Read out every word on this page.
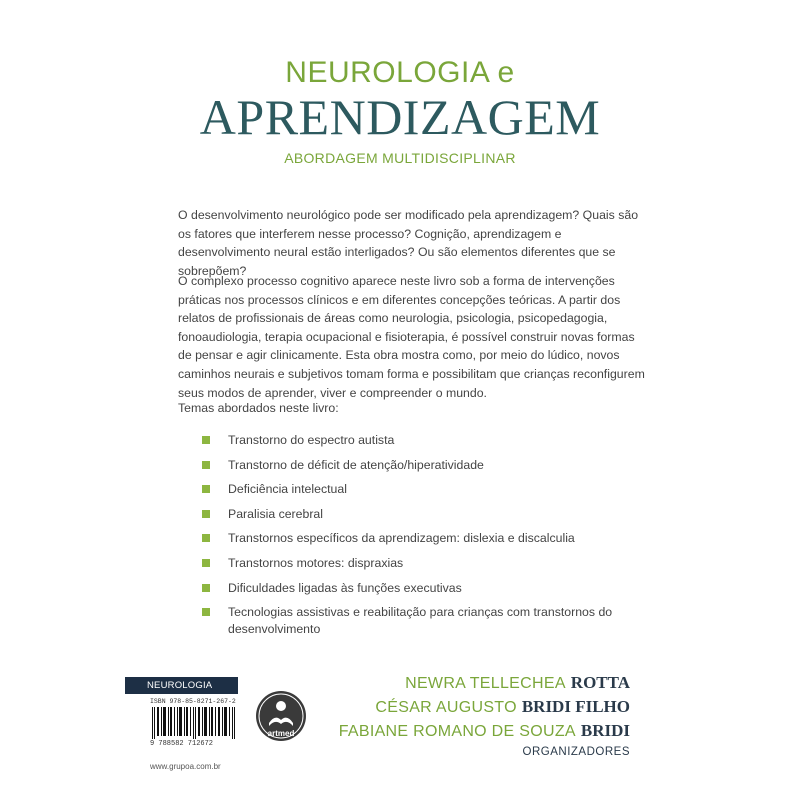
NEUROLOGIA e
APRENDIZAGEM
ABORDAGEM MULTIDISCIPLINAR

O desenvolvimento neurológico pode ser modificado pela aprendizagem? Quais são os fatores que interferem nesse processo? Cognição, aprendizagem e desenvolvimento neural estão interligados? Ou são elementos diferentes que se sobrepõem?

O complexo processo cognitivo aparece neste livro sob a forma de intervenções práticas nos processos clínicos e em diferentes concepções teóricas. A partir dos relatos de profissionais de áreas como neurologia, psicologia, psicopedagogia, fonoaudiologia, terapia ocupacional e fisioterapia, é possível construir novas formas de pensar e agir clinicamente. Esta obra mostra como, por meio do lúdico, novos caminhos neurais e subjetivos tomam forma e possibilitam que crianças reconfigurem seus modos de aprender, viver e compreender o mundo.

Temas abordados neste livro:

Transtorno do espectro autista
Transtorno de déficit de atenção/hiperatividade
Deficiência intelectual
Paralisia cerebral
Transtornos específicos da aprendizagem: dislexia e discalculia
Transtornos motores: dispraxias
Dificuldades ligadas às funções executivas
Tecnologias assistivas e reabilitação para crianças com transtornos do desenvolvimento
NEUROLOGIA
ISBN 978-85-8271-267-2
9 788582 712672
www.grupoa.com.br
artmed
NEWRA TELLECHEA ROTTA
CÉSAR AUGUSTO BRIDI FILHO
FABIANE ROMANO DE SOUZA BRIDI
ORGANIZADORES
